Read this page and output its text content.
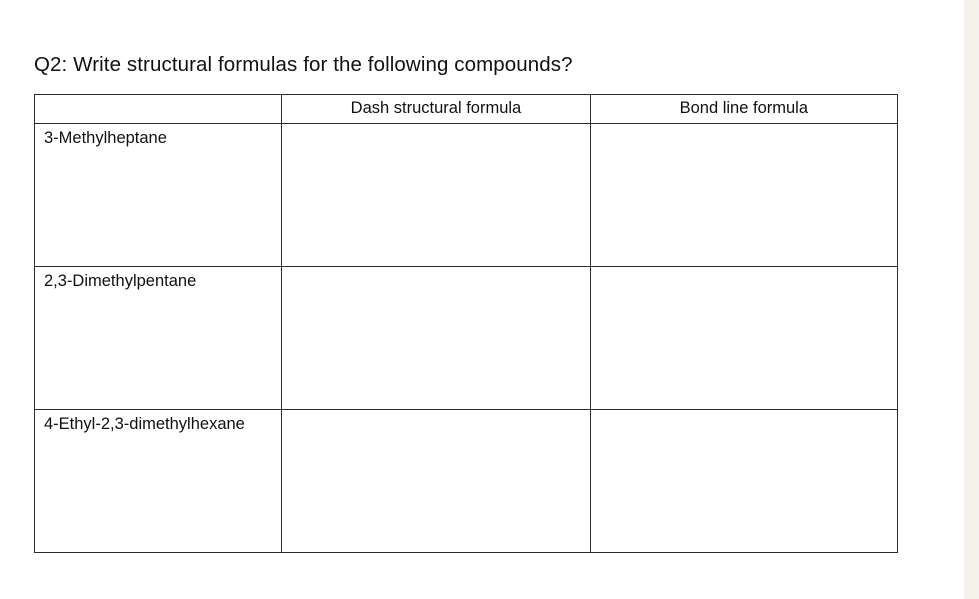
Q2: Write structural formulas for the following compounds?
	Dash structural formula	Bond line formula

3-Methylheptane		

2,3-Dimethylpentane		

4-Ethyl-2,3-dimethylhexane		
